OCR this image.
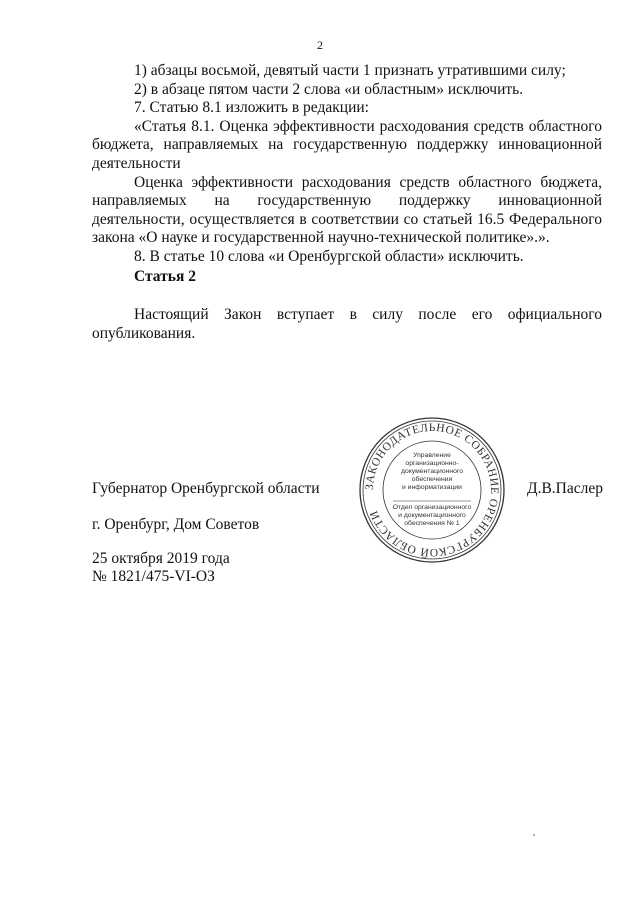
2

1) абзацы восьмой, девятый части 1 признать утратившими силу;

2) в абзаце пятом части 2 слова «и областным» исключить.

7. Статью 8.1 изложить в редакции:

«Статья 8.1. Оценка эффективности расходования средств областного бюджета, направляемых на государственную поддержку инновационной деятельности

Оценка эффективности расходования средств областного бюджета, направляемых на государственную поддержку инновационной деятельности, осуществляется в соответствии со статьей 16.5 Федерального закона «О науке и государственной научно-технической политике».».

8. В статье 10 слова «и Оренбургской области» исключить.

Статья 2

Настоящий Закон вступает в силу после его официального опубликования.

Губернатор Оренбургской области	Д.В.Паслер
г. Оренбург, Дом Советов
25 октября 2019 года
№ 1821/475-VI-ОЗ
ЗАКОНОДАТЕЛЬНОЕ СОБРАНИЕ ОРЕНБУРГСКОЙ ОБЛАСТИ
Управление
организационно-
документационного
обеспечения
и информатизации
Отдел организационного
и документационного
обеспечения № 1
